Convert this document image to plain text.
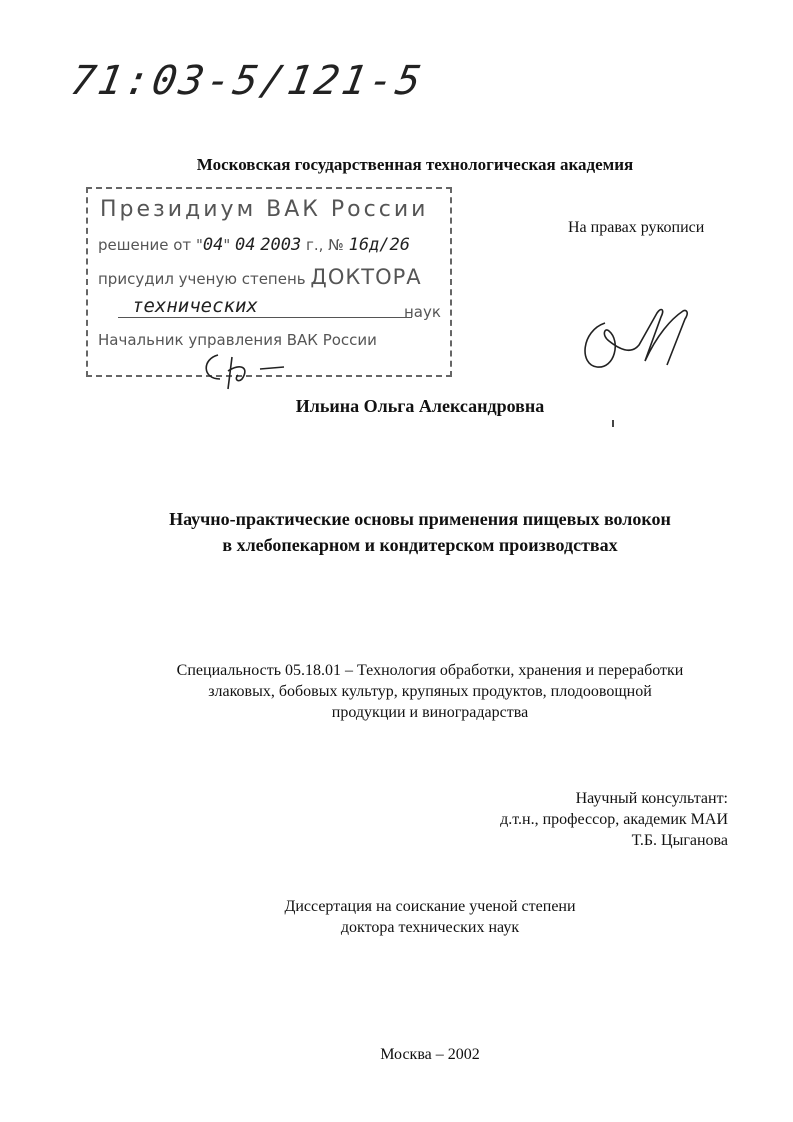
71:03-5/121-5
Московская государственная технологическая академия
Президиум ВАК России
решение от "04" 04 2003 г., № 16д/26
присудил ученую степень ДОКТОРА
технических	наук
Начальник управления ВАК России
На правах рукописи
Ильина Ольга Александровна
Научно-практические основы применения пищевых волокон
в хлебопекарном и кондитерском производствах
Специальность 05.18.01 – Технология обработки, хранения и переработки
злаковых, бобовых культур, крупяных продуктов, плодоовощной
продукции и виноградарства
Научный консультант:
д.т.н., профессор, академик МАИ
Т.Б. Цыганова
Диссертация на соискание ученой степени
доктора технических наук
Москва – 2002
